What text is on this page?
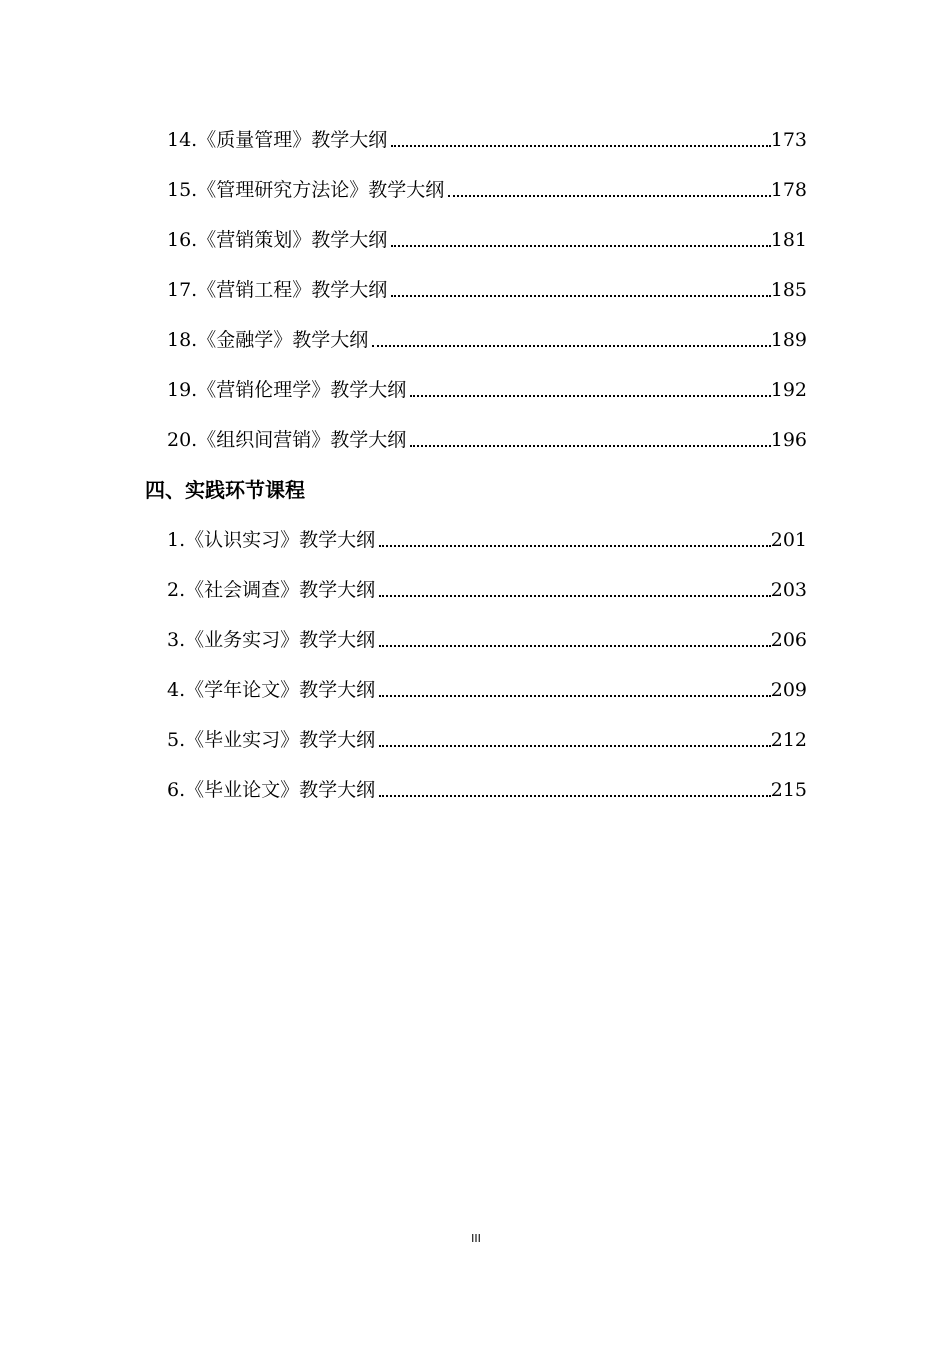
14.《质量管理》教学大纲	173
15.《管理研究方法论》教学大纲	178
16.《营销策划》教学大纲	181
17.《营销工程》教学大纲	185
18.《金融学》教学大纲	189
19.《营销伦理学》教学大纲	192
20.《组织间营销》教学大纲	196
四、实践环节课程
1.《认识实习》教学大纲	201
2.《社会调查》教学大纲	203
3.《业务实习》教学大纲	206
4.《学年论文》教学大纲	209
5.《毕业实习》教学大纲	212
6.《毕业论文》教学大纲	215
III
